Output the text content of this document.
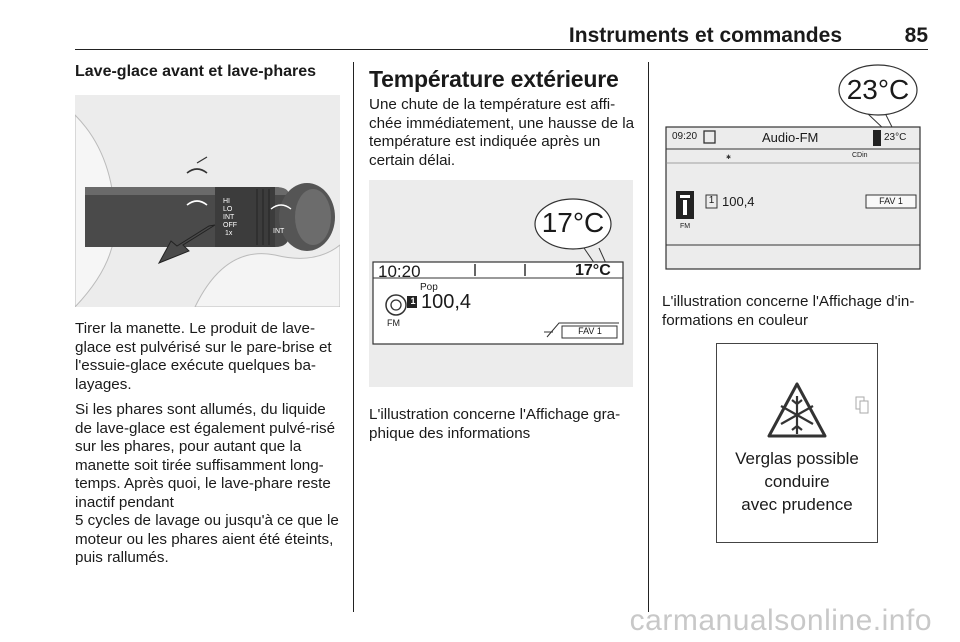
Instruments et commandes	85
Lave-glace avant et lave-phares
HI
LO
INT
OFF
1x	INT

Tirer la manette. Le produit de lave-glace est pulvérisé sur le pare-brise et l'essuie-glace exécute quelques ba-layages.

Si les phares sont allumés, du liquide de lave-glace est également pulvé-risé sur les phares, pour autant que la manette soit tirée suffisamment long-temps. Après quoi, le lave-phare reste inactif pendant

5 cycles de lavage ou jusqu'à ce que le moteur ou les phares aient été éteints, puis rallumés.

Température extérieure

Une chute de la température est affi-chée immédiatement, une hausse de la température est indiquée après un certain délai.

17°C
10:20	17°C
Pop
FM
1 100,4
FAV 1
L'illustration concerne l'Affichage gra-phique des informations
✱
23°C
09:20	Audio-FM	23°C
CDin
FM
1 100,4	FAV 1
L'illustration concerne l'Affichage d'in-formations en couleur
Verglas possible
conduire
avec prudence
carmanualsonline.info
